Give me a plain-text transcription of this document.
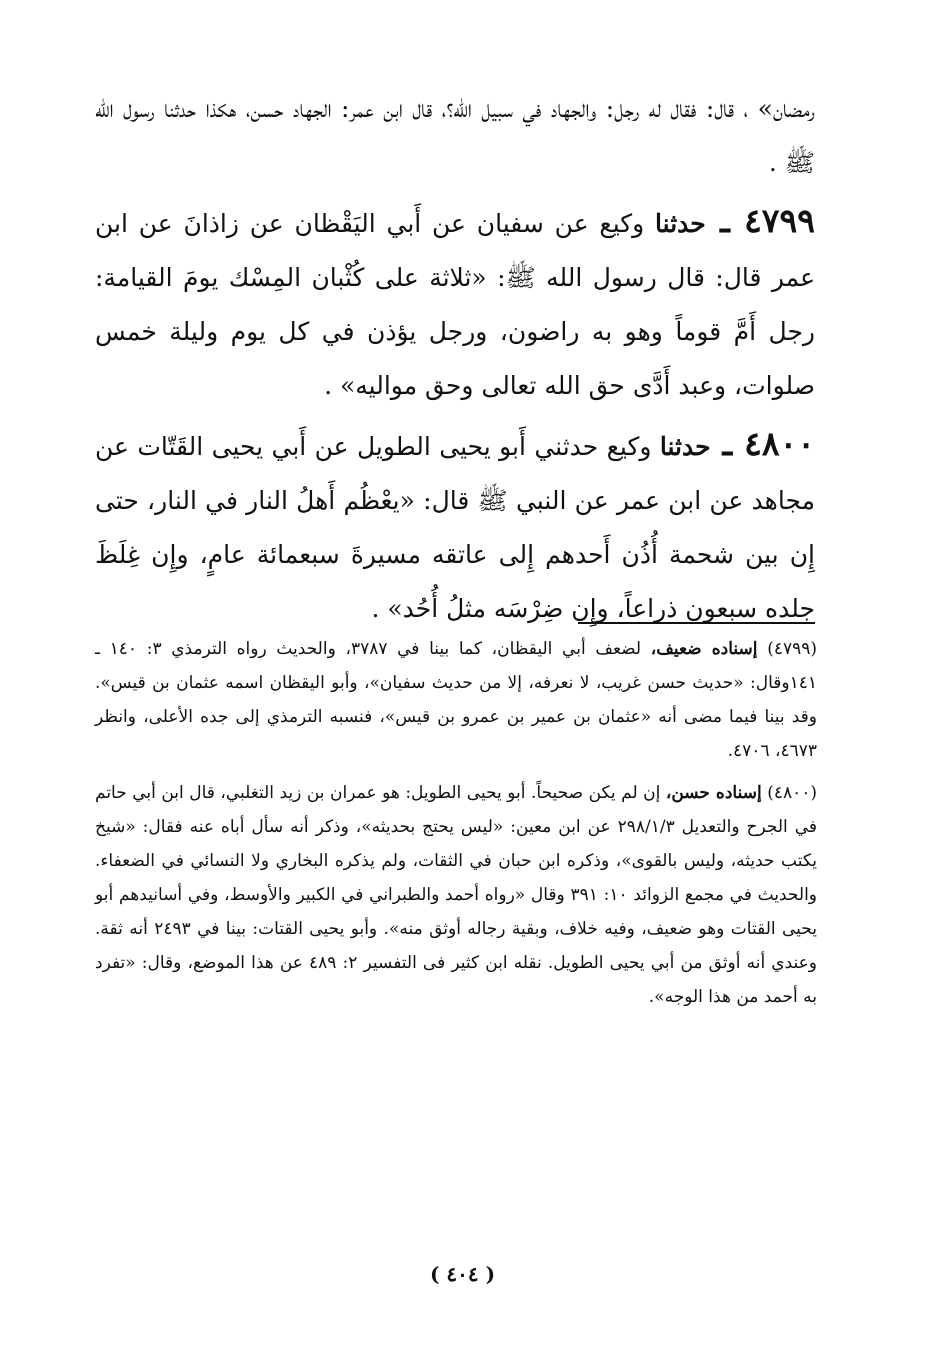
رمضان» ، قال: فقال له رجل: والجهاد في سبيل الله؟، قال ابن عمر: الجهاد حسن، هكذا حدثنا رسول الله ﷺ .

٤٧٩٩ ـ حدثنا وكيع عن سفيان عن أَبي اليَقْظان عن زاذانَ عن ابن عمر قال: قال رسول الله ﷺ: «ثلاثة على كُثْبان المِسْك يومَ القيامة: رجل أَمَّ قوماً وهو به راضون، ورجل يؤذن في كل يوم وليلة خمس صلوات، وعبد أَدَّى حق الله تعالى وحق مواليه» .

٤٨٠٠ ـ حدثنا وكيع حدثني أَبو يحيى الطويل عن أَبي يحيى القَتّات عن مجاهد عن ابن عمر عن النبي ﷺ قال: «يعْظُم أَهلُ النار في النار، حتى إِن بين شحمة أُذُن أَحدهم إِلى عاتقه مسيرةَ سبعمائة عامٍ، وإِن غِلَظَ جلده سبعون ذراعاً، وإِن ضِرْسَه مثلُ أُحُد» .

(٤٧٩٩) إسناده ضعيف، لضعف أبي اليقظان، كما بينا في ٣٧٨٧، والحديث رواه الترمذي ٣: ١٤٠ ـ ١٤١وقال: «حديث حسن غريب، لا نعرفه، إلا من حديث سفيان»، وأبو اليقظان اسمه عثمان بن قيس». وقد بينا فيما مضى أنه «عثمان بن عمير بن عمرو بن قيس»، فنسبه الترمذي إلى جده الأعلى، وانظر ٤٦٧٣، ٤٧٠٦.

(٤٨٠٠) إسناده حسن، إن لم يكن صحيحاً. أبو يحيى الطويل: هو عمران بن زيد التغلبي، قال ابن أبي حاتم في الجرح والتعديل ٢٩٨/١/٣ عن ابن معين: «ليس يحتج بحديثه»، وذكر أنه سأل أباه عنه فقال: «شيخ يكتب حديثه، وليس بالقوى»، وذكره ابن حبان في الثقات، ولم يذكره البخاري ولا النسائي في الضعفاء. والحديث في مجمع الزوائد ١٠: ٣٩١ وقال «رواه أحمد والطبراني في الكبير والأوسط، وفي أسانيدهم أبو يحيى القتات وهو ضعيف، وفيه خلاف، وبقية رجاله أوثق منه». وأبو يحيى القتات: بينا في ٢٤٩٣ أنه ثقة. وعندي أنه أوثق من أبي يحيى الطويل. نقله ابن كثير فى التفسير ٢: ٤٨٩ عن هذا الموضع، وقال: «تفرد به أحمد من هذا الوجه».

( ٤٠٤ )
